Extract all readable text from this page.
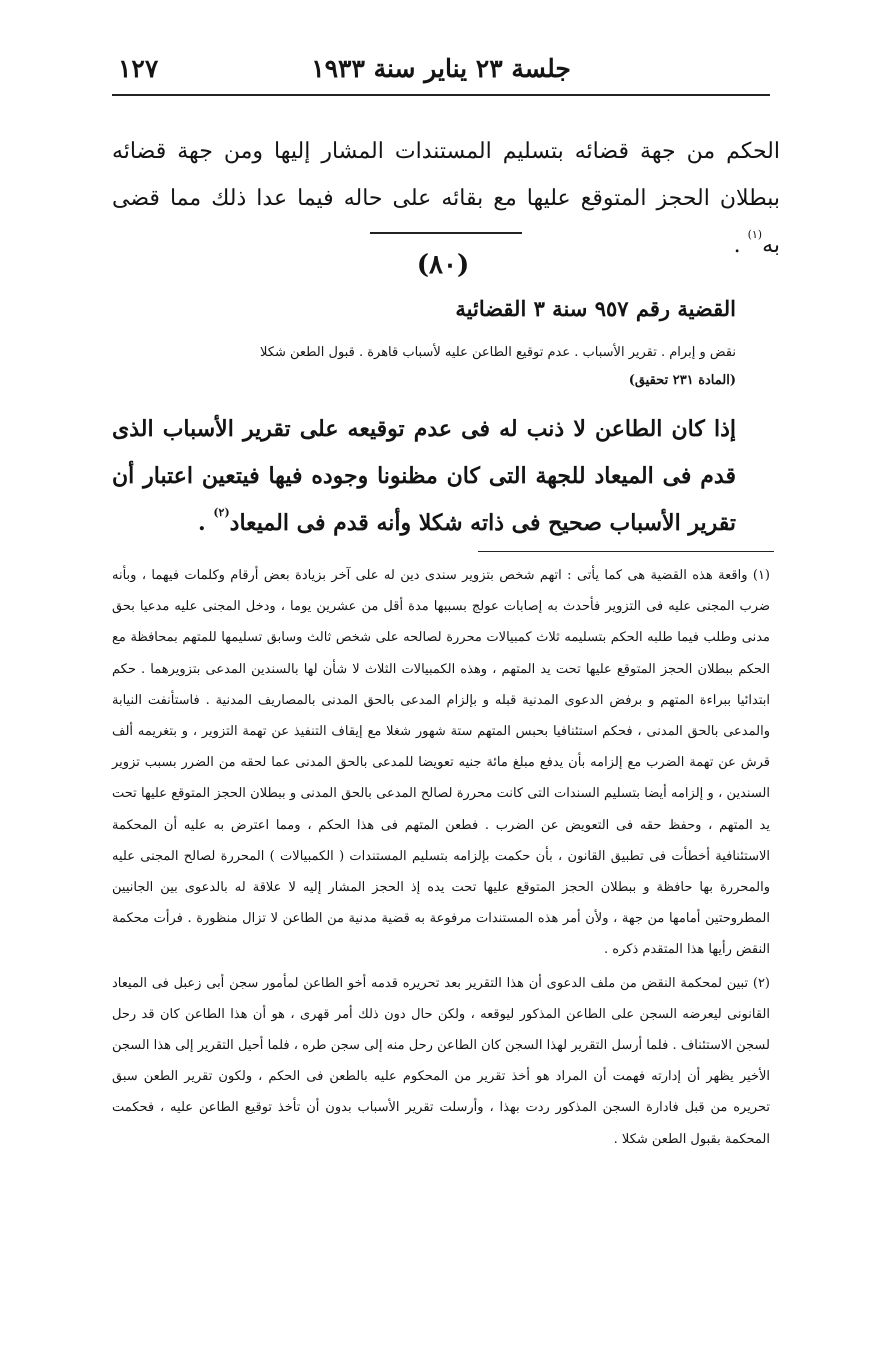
جلسة ٢٣ يناير سنة ١٩٣٣
١٢٧
الحكم من جهة قضائه بتسليم المستندات المشار إليها ومن جهة قضائه ببطلان الحجز المتوقع عليها مع بقائه على حاله فيما عدا ذلك مما قضى به$^{(١)}$ .
(٨٠)
القضية رقم ٩٥٧ سنة ٣ القضائية
نقض و إبرام . تقرير الأسباب . عدم توقيع الطاعن عليه لأسباب قاهرة . قبول الطعن شكلا
(المادة ٢٣١ تحقيق)
إذا كان الطاعن لا ذنب له فى عدم توقيعه على تقرير الأسباب الذى قدم فى الميعاد للجهة التى كان مظنونا وجوده فيها فيتعين اعتبار أن تقرير الأسباب صحيح فى ذاته شكلا وأنه قدم فى الميعاد$^{(٢)}$ .

(١) واقعة هذه القضية هى كما يأتى : اتهم شخص بتزوير سندى دين له على آخر بزيادة بعض أرقام وكلمات فيهما ، وبأنه ضرب المجنى عليه فى التزوير فأحدث به إصابات عولج بسببها مدة أقل من عشرين يوما ، ودخل المجنى عليه مدعيا بحق مدنى وطلب فيما طلبه الحكم بتسليمه ثلاث كمبيالات محررة لصالحه على شخص ثالث وسابق تسليمها للمتهم بمحافظة مع الحكم ببطلان الحجز المتوقع عليها تحت يد المتهم ، وهذه الكمبيالات الثلاث لا شأن لها بالسندين المدعى بتزويرهما . حكم ابتدائيا ببراءة المتهم و برفض الدعوى المدنية قبله و بإلزام المدعى بالحق المدنى بالمصاريف المدنية . فاستأنفت النيابة والمدعى بالحق المدنى ، فحكم استئنافيا بحبس المتهم ستة شهور شغلا مع إيقاف التنفيذ عن تهمة التزوير ، و بتغريمه ألف قرش عن تهمة الضرب مع إلزامه بأن يدفع مبلغ مائة جنيه تعويضا للمدعى بالحق المدنى عما لحقه من الضرر بسبب تزوير السندين ، و إلزامه أيضا بتسليم السندات التى كانت محررة لصالح المدعى بالحق المدنى و ببطلان الحجز المتوقع عليها تحت يد المتهم ، وحفظ حقه فى التعويض عن الضرب . فطعن المتهم فى هذا الحكم ، ومما اعترض به عليه أن المحكمة الاستئنافية أخطأت فى تطبيق القانون ، بأن حكمت بإلزامه بتسليم المستندات ( الكمبيالات ) المحررة لصالح المجنى عليه والمحررة بها حافظة و ببطلان الحجز المتوقع عليها تحت يده إذ الحجز المشار إليه لا علاقة له بالدعوى بين الجانيين المطروحتين أمامها من جهة ، ولأن أمر هذه المستندات مرفوعة به قضية مدنية من الطاعن لا تزال منظورة . فرأت محكمة النقض رأيها هذا المتقدم ذكره .

(٢) تبين لمحكمة النقض من ملف الدعوى أن هذا التقرير بعد تحريره قدمه أخو الطاعن لمأمور سجن أبى زعبل فى الميعاد القانونى ليعرضه السجن على الطاعن المذكور ليوقعه ، ولكن حال دون ذلك أمر قهرى ، هو أن هذا الطاعن كان قد رحل لسجن الاستئناف . فلما أرسل التقرير لهذا السجن كان الطاعن رحل منه إلى سجن طره ، فلما أحيل التقرير إلى هذا السجن الأخير يظهر أن إدارته فهمت أن المراد هو أخذ تقرير من المحكوم عليه بالطعن فى الحكم ، ولكون تقرير الطعن سبق تحريره من قبل فادارة السجن المذكور ردت بهذا ، وأرسلت تقرير الأسباب بدون أن تأخذ توقيع الطاعن عليه ، فحكمت المحكمة بقبول الطعن شكلا .
